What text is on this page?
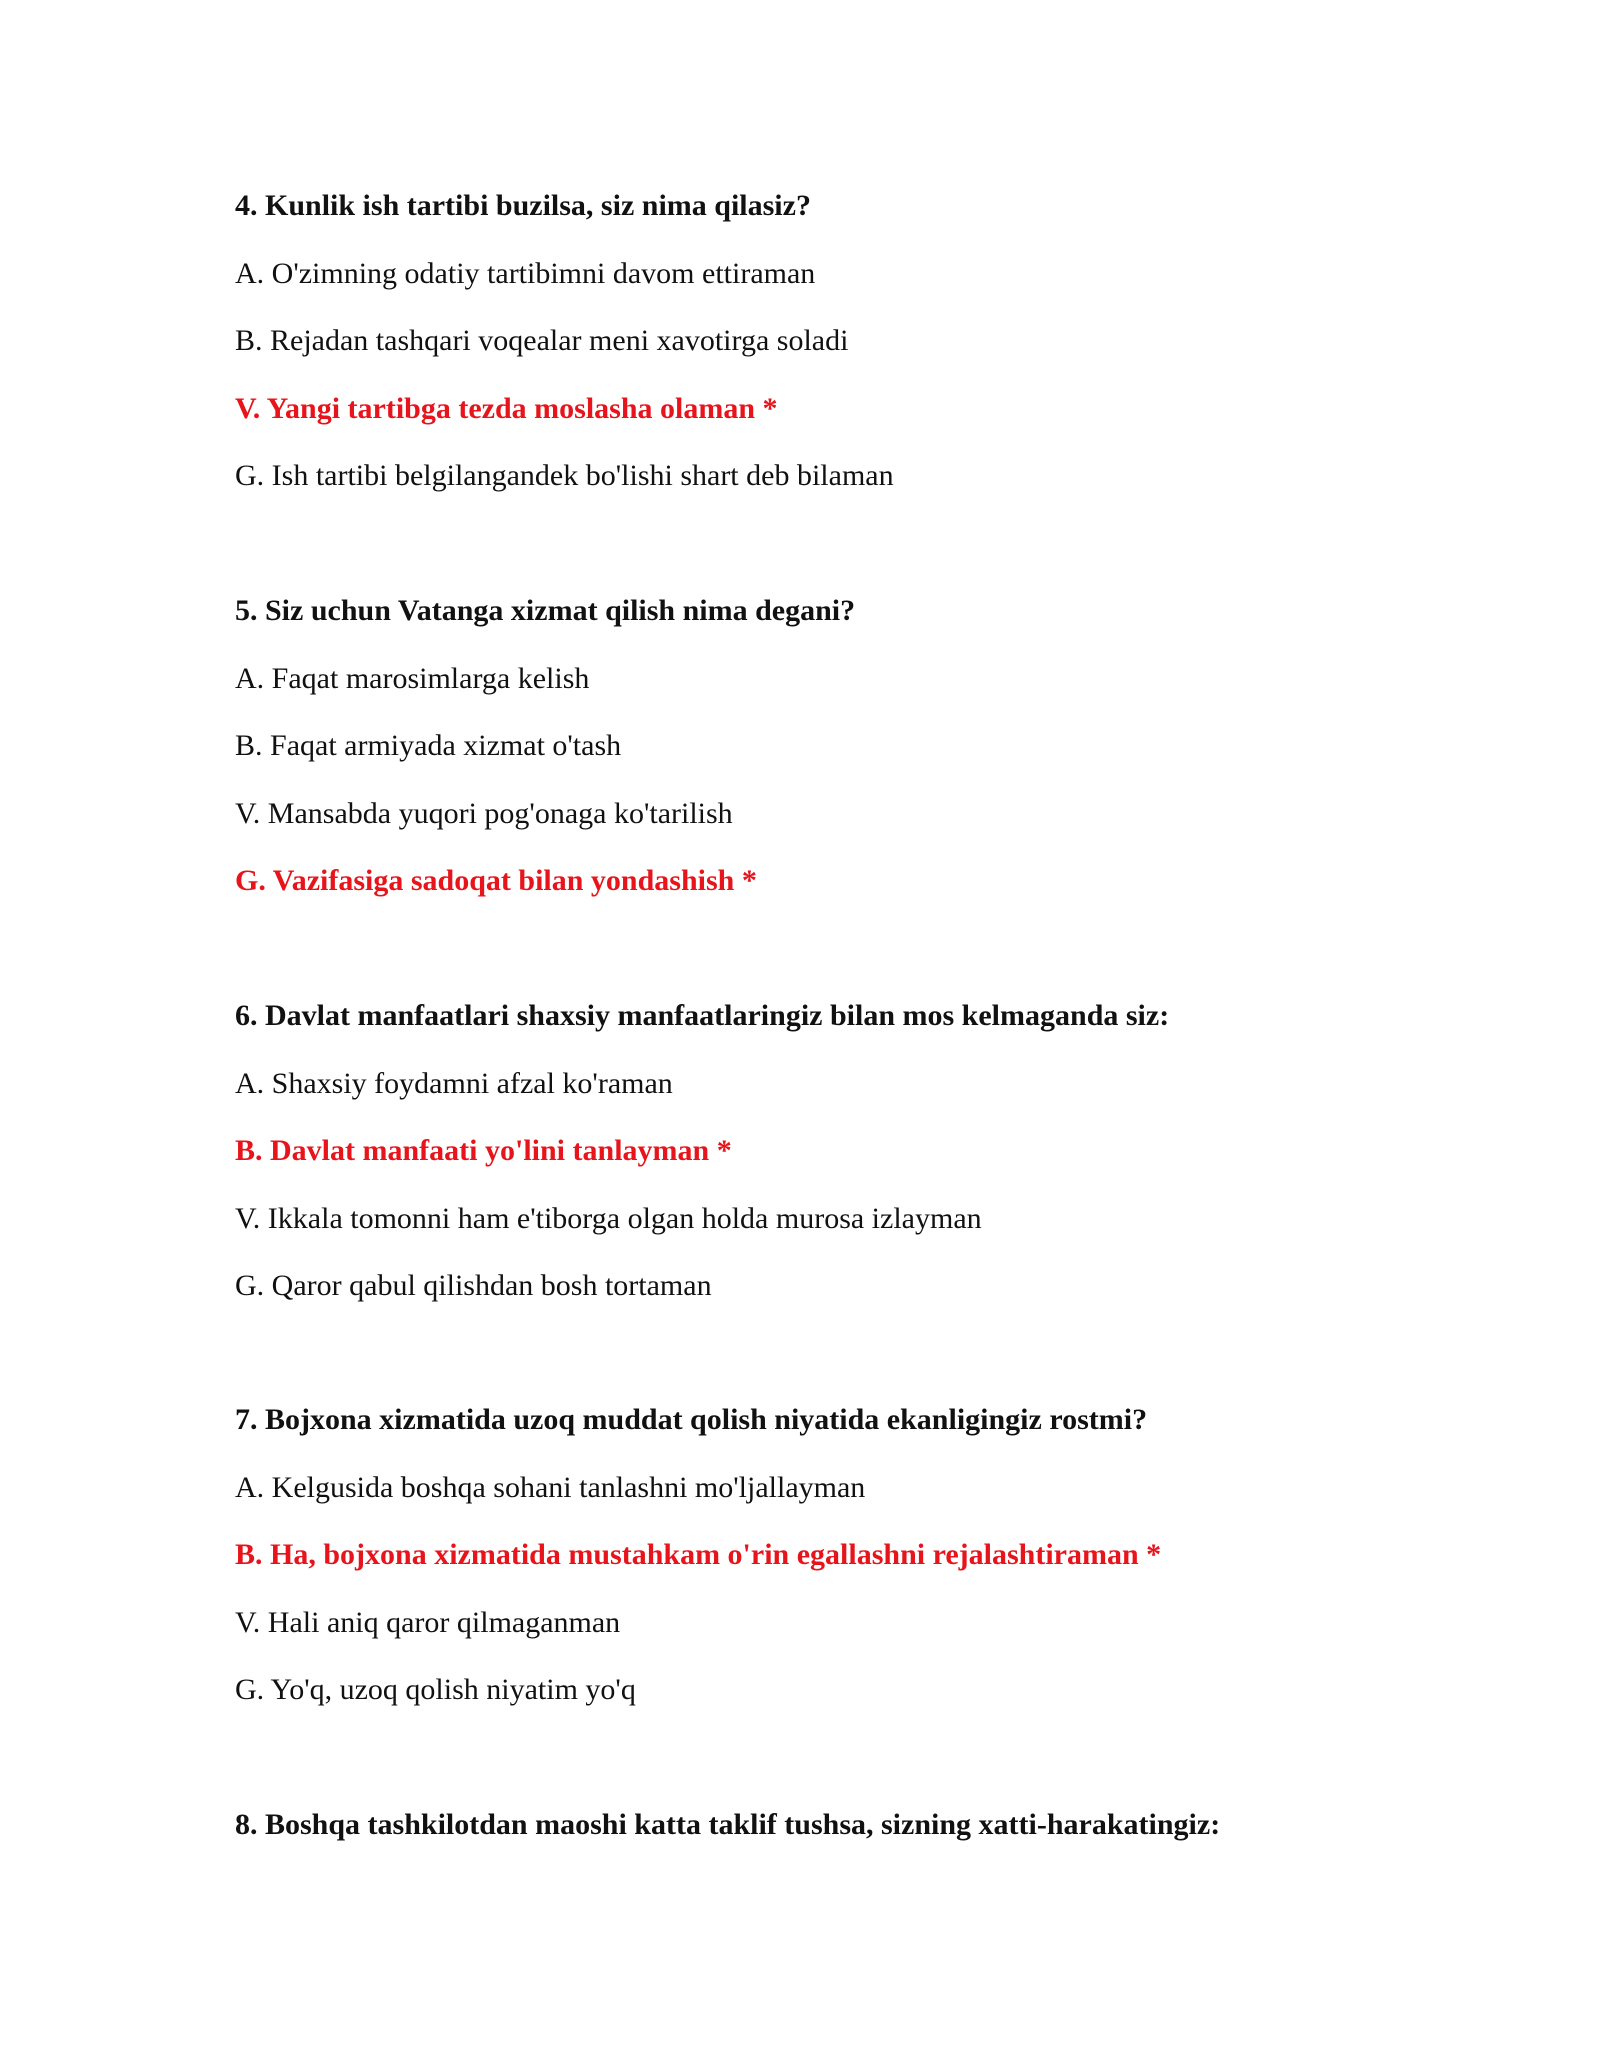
4. Kunlik ish tartibi buzilsa, siz nima qilasiz?
A. O'zimning odatiy tartibimni davom ettiraman
B. Rejadan tashqari voqealar meni xavotirga soladi
V. Yangi tartibga tezda moslasha olaman *
G. Ish tartibi belgilangandek bo'lishi shart deb bilaman
5. Siz uchun Vatanga xizmat qilish nima degani?
A. Faqat marosimlarga kelish
B. Faqat armiyada xizmat o'tash
V. Mansabda yuqori pog'onaga ko'tarilish
G. Vazifasiga sadoqat bilan yondashish *
6. Davlat manfaatlari shaxsiy manfaatlaringiz bilan mos kelmaganda siz:
A. Shaxsiy foydamni afzal ko'raman
B. Davlat manfaati yo'lini tanlayman *
V. Ikkala tomonni ham e'tiborga olgan holda murosa izlayman
G. Qaror qabul qilishdan bosh tortaman
7. Bojxona xizmatida uzoq muddat qolish niyatida ekanligingiz rostmi?
A. Kelgusida boshqa sohani tanlashni mo'ljallayman
B. Ha, bojxona xizmatida mustahkam o'rin egallashni rejalashtiraman *
V. Hali aniq qaror qilmaganman
G. Yo'q, uzoq qolish niyatim yo'q
8. Boshqa tashkilotdan maoshi katta taklif tushsa, sizning xatti-harakatingiz:
